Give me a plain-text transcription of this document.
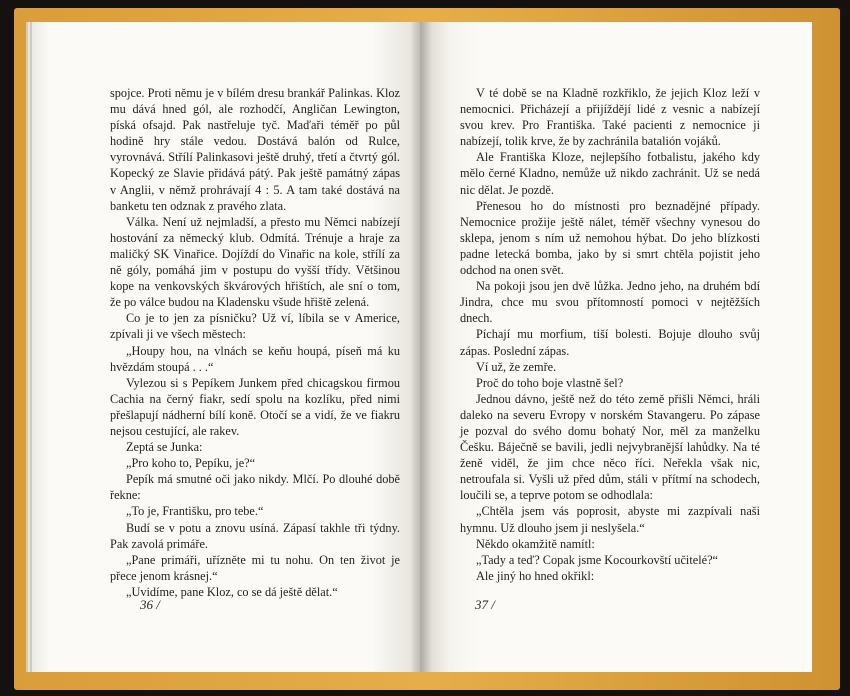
spojce. Proti němu je v bílém dresu brankář Palinkas. Kloz mu dává hned gól, ale rozhodčí, Angličan Lewington, píská ofsajd. Pak nastřeluje tyč. Maďaři téměř po půl hodině hry stále vedou. Dostává balón od Rulce, vyrovnává. Střílí Palinkasovi ještě druhý, třetí a čtvrtý gól. Kopecký ze Slavie přidává pátý. Pak ještě památný zápas v Anglii, v němž prohrávají 4 : 5. A tam také dostává na banketu ten odznak z pravého zlata.

Válka. Není už nejmladší, a přesto mu Němci nabízejí hostování za německý klub. Odmítá. Trénuje a hraje za maličký SK Vinařice. Dojíždí do Vinařic na kole, střílí za ně góly, pomáhá jim v postupu do vyšší třídy. Většinou kope na venkovských škvárových hřištích, ale sní o tom, že po válce budou na Kladensku všude hřiště zelená.

Co je to jen za písničku? Už ví, líbila se v Americe, zpívali ji ve všech městech:

„Houpy hou, na vlnách se keňu houpá, píseň má ku hvězdám stoupá . . .“

Vylezou si s Pepíkem Junkem před chicagskou firmou Cachia na černý fiakr, sedí spolu na kozlíku, před nimi přešlapují nádherní bílí koně. Otočí se a vidí, že ve fiakru nejsou cestující, ale rakev.

Zeptá se Junka:

„Pro koho to, Pepíku, je?“

Pepík má smutné oči jako nikdy. Mlčí. Po dlouhé době řekne:

„To je, Františku, pro tebe.“

Budí se v potu a znovu usíná. Zápasí takhle tři týdny. Pak zavolá primáře.

„Pane primáři, uřízněte mi tu nohu. On ten život je přece jenom krásnej.“

„Uvidíme, pane Kloz, co se dá ještě dělat.“

36 /

V té době se na Kladně rozkřiklo, že jejich Kloz leží v nemocnici. Přicházejí a přijíždějí lidé z vesnic a nabízejí svou krev. Pro Františka. Také pacienti z nemocnice ji nabízejí, tolik krve, že by zachránila batalión vojáků.

Ale Františka Kloze, nejlepšího fotbalistu, jakého kdy mělo černé Kladno, nemůže už nikdo zachránit. Už se nedá nic dělat. Je pozdě.

Přenesou ho do místnosti pro beznadějné případy. Nemocnice prožije ještě nálet, téměř všechny vynesou do sklepa, jenom s ním už nemohou hýbat. Do jeho blízkosti padne letecká bomba, jako by si smrt chtěla pojistit jeho odchod na onen svět.

Na pokoji jsou jen dvě lůžka. Jedno jeho, na druhém bdí Jindra, chce mu svou přítomností pomoci v nejtěžších dnech.

Píchají mu morfium, tiší bolesti. Bojuje dlouho svůj zápas. Poslední zápas.

Ví už, že zemře.

Proč do toho boje vlastně šel?

Jednou dávno, ještě než do této země přišli Němci, hráli daleko na severu Evropy v norském Stavangeru. Po zápase je pozval do svého domu bohatý Nor, měl za manželku Češku. Báječně se bavili, jedli nejvybranější lahůdky. Na té ženě viděl, že jim chce něco říci. Neřekla však nic, netroufala si. Vyšli už před dům, stáli v přítmí na schodech, loučili se, a teprve potom se odhodlala:

„Chtěla jsem vás poprosit, abyste mi zazpívali naši hymnu. Už dlouho jsem ji neslyšela.“

Někdo okamžitě namítl:

„Tady a teď? Copak jsme Kocourkovští učitelé?“

Ale jiný ho hned okřikl:

37 /
